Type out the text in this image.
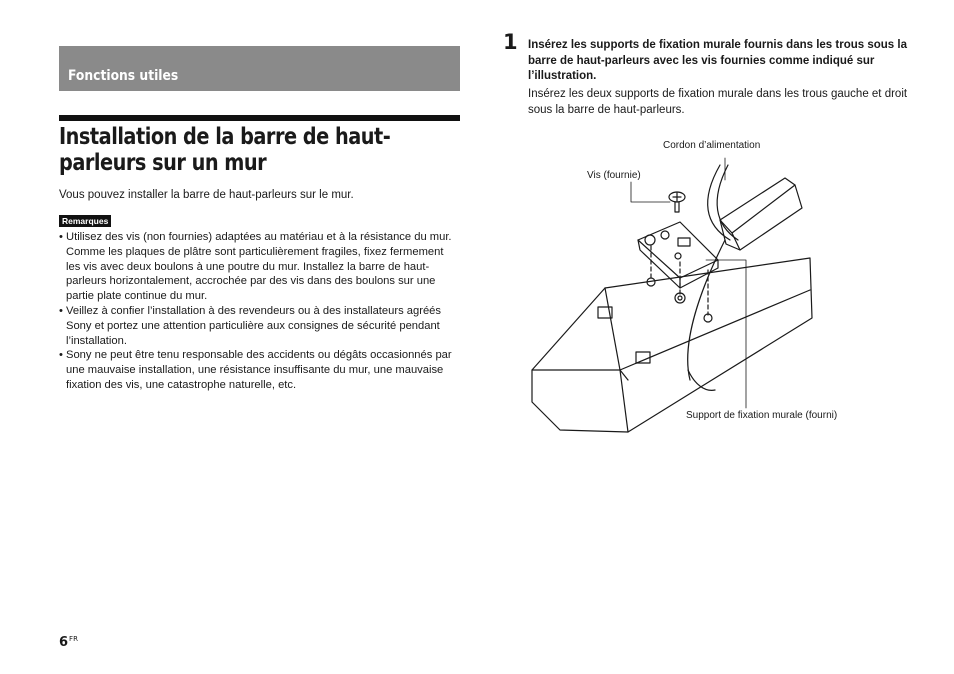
Fonctions utiles
Installation de la barre de haut-parleurs sur un mur
Vous pouvez installer la barre de haut-parleurs sur le mur.
Remarques
• Utilisez des vis (non fournies) adaptées au matériau et à la résistance du mur. Comme les plaques de plâtre sont particulièrement fragiles, fixez fermement les vis avec deux boulons à une poutre du mur. Installez la barre de haut-parleurs horizontalement, accrochée par des vis dans des boulons sur une partie plate continue du mur.
• Veillez à confier l’installation à des revendeurs ou à des installateurs agréés Sony et portez une attention particulière aux consignes de sécurité pendant l’installation.
• Sony ne peut être tenu responsable des accidents ou dégâts occasionnés par une mauvaise installation, une résistance insuffisante du mur, une mauvaise fixation des vis, une catastrophe naturelle, etc.
1 Insérez les supports de fixation murale fournis dans les trous sous la barre de haut-parleurs avec les vis fournies comme indiqué sur l’illustration.
Insérez les deux supports de fixation murale dans les trous gauche et droit sous la barre de haut-parleurs.
Cordon d’alimentation
Vis (fournie)
Support de fixation murale (fourni)
$6^{FR}$
